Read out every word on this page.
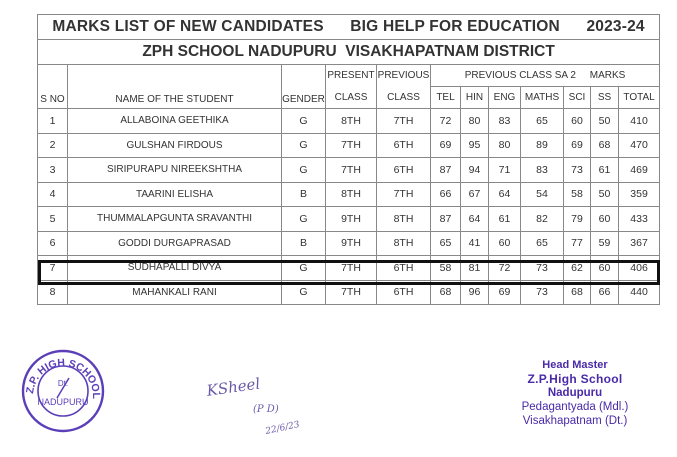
MARKS LIST OF NEW CANDIDATES BIG HELP FOR EDUCATION 2023-24											
ZPH SCHOOL NADUPURU  VISAKHAPATNAM DISTRICT											
S NO	NAME OF THE STUDENT	GENDER	PRESENT	PREVIOUS	PREVIOUS CLASS SA 2     MARKS						
			CLASS	CLASS	TEL	HIN	ENG	MATHS	SCI	SS	TOTAL
1	ALLABOINA GEETHIKA	G	8TH	7TH	72	80	83	65	60	50	410
2	GULSHAN FIRDOUS	G	7TH	6TH	69	95	80	89	69	68	470
3	SIRIPURAPU NIREEKSHTHA	G	7TH	6TH	87	94	71	83	73	61	469
4	TAARINI ELISHA	B	8TH	7TH	66	67	64	54	58	50	359
5	THUMMALAPGUNTA SRAVANTHI	G	9TH	8TH	87	64	61	82	79	60	433
6	GODDI DURGAPRASAD	B	9TH	8TH	65	41	60	65	77	59	367
7	SUDHAPALLI DIVYA	G	7TH	6TH	58	81	72	73	62	60	406
8	MAHANKALI RANI	G	7TH	6TH	68	96	69	73	68	66	440
Z.P. HIGH SCHOOL
NADUPURU
Dt.	KSheel
(P D)
22/6/23
Head Master
Z.P.High School
Nadupuru
Pedagantyada (Mdl.)
Visakhapatnam (Dt.)
